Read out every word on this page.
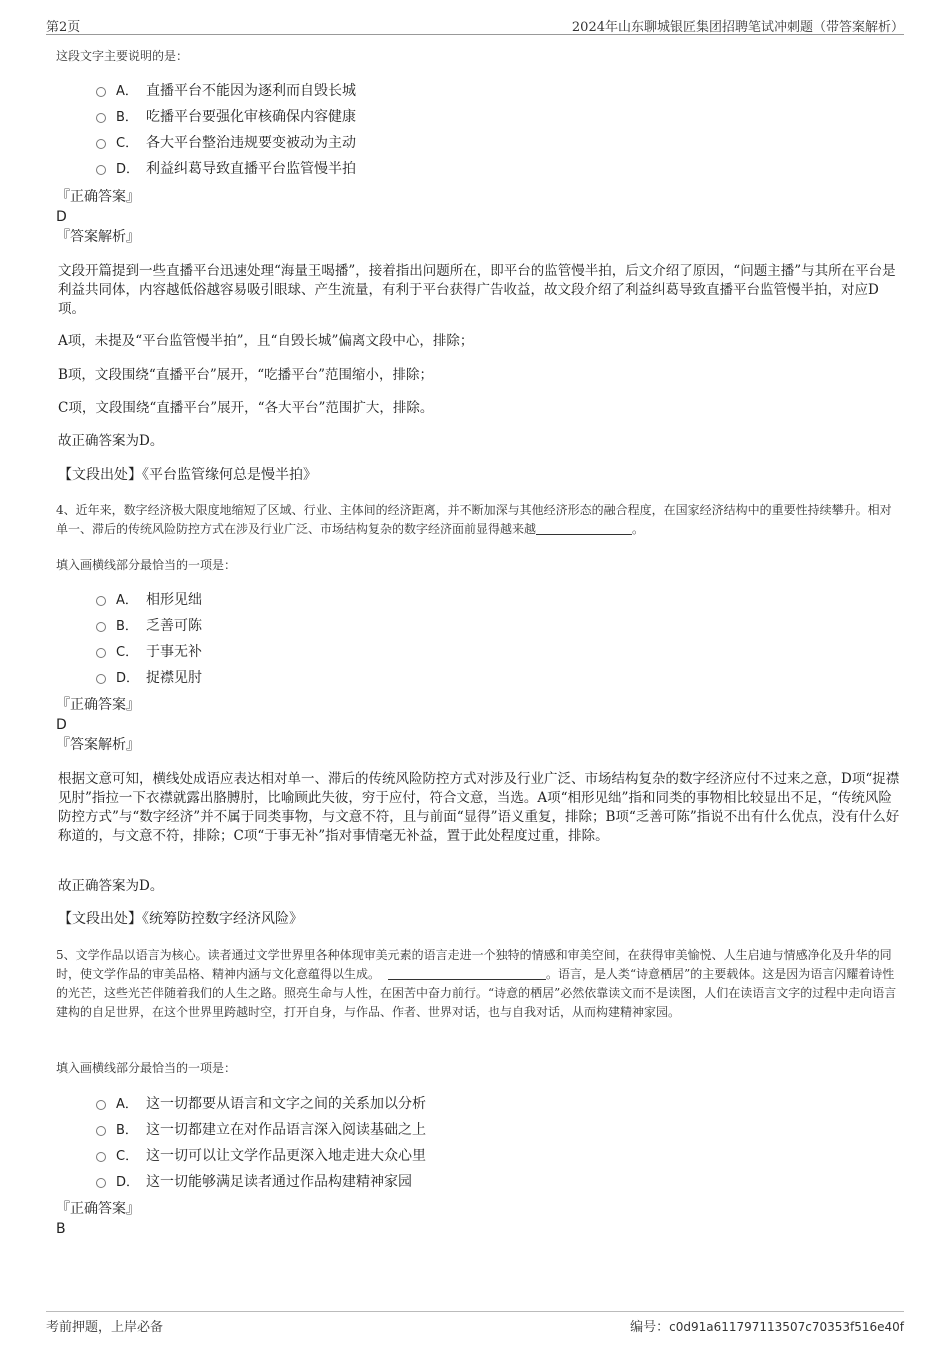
第2页	2024年山东聊城银匠集团招聘笔试冲刺题（带答案解析）
这段文字主要说明的是：
A． 直播平台不能因为逐利而自毁长城
B． 吃播平台要强化审核确保内容健康
C． 各大平台整治违规要变被动为主动
D． 利益纠葛导致直播平台监管慢半拍
『正确答案』
D
『答案解析』
文段开篇提到一些直播平台迅速处理“海量王喝播”，接着指出问题所在，即平台的监管慢半拍，后文介绍了原因，“问题主播”与其所在平台是利益共同体，内容越低俗越容易吸引眼球、产生流量，有利于平台获得广告收益，故文段介绍了利益纠葛导致直播平台监管慢半拍，对应D项。
A项，未提及“平台监管慢半拍”，且“自毁长城”偏离文段中心，排除；
B项，文段围绕“直播平台”展开，“吃播平台”范围缩小，排除；
C项，文段围绕“直播平台”展开，“各大平台”范围扩大，排除。
故正确答案为D。
【文段出处】《平台监管缘何总是慢半拍》
4、近年来，数字经济极大限度地缩短了区域、行业、主体间的经济距离，并不断加深与其他经济形态的融合程度，在国家经济结构中的重要性持续攀升。相对单一、滞后的传统风险防控方式在涉及行业广泛、市场结构复杂的数字经济面前显得越来越	。
填入画横线部分最恰当的一项是：
A． 相形见绌
B． 乏善可陈
C． 于事无补
D． 捉襟见肘
『正确答案』
D
『答案解析』
根据文意可知，横线处成语应表达相对单一、滞后的传统风险防控方式对涉及行业广泛、市场结构复杂的数字经济应付不过来之意，D项“捉襟见肘”指拉一下衣襟就露出胳膊肘，比喻顾此失彼，穷于应付，符合文意，当选。A项“相形见绌”指和同类的事物相比较显出不足，“传统风险防控方式”与“数字经济”并不属于同类事物，与文意不符，且与前面“显得”语义重复，排除；B项“乏善可陈”指说不出有什么优点，没有什么好称道的，与文意不符，排除；C项“于事无补”指对事情毫无补益，置于此处程度过重，排除。
故正确答案为D。
【文段出处】《统筹防控数字经济风险》
5、文学作品以语言为核心。读者通过文学世界里各种体现审美元素的语言走进一个独特的情感和审美空间，在获得审美愉悦、人生启迪与情感净化及升华的同时，使文学作品的审美品格、精神内涵与文化意蕴得以生成。	。语言，是人类“诗意栖居”的主要载体。这是因为语言闪耀着诗性的光芒，这些光芒伴随着我们的人生之路。照亮生命与人性，在困苦中奋力前行。“诗意的栖居”必然依靠读文而不是读图，人们在读语言文字的过程中走向语言建构的自足世界，在这个世界里跨越时空，打开自身，与作品、作者、世界对话，也与自我对话，从而构建精神家园。
填入画横线部分最恰当的一项是：
A． 这一切都要从语言和文字之间的关系加以分析
B． 这一切都建立在对作品语言深入阅读基础之上
C． 这一切可以让文学作品更深入地走进大众心里
D． 这一切能够满足读者通过作品构建精神家园
『正确答案』
B
考前押题，上岸必备	编号：c0d91a611797113507c70353f516e40f
